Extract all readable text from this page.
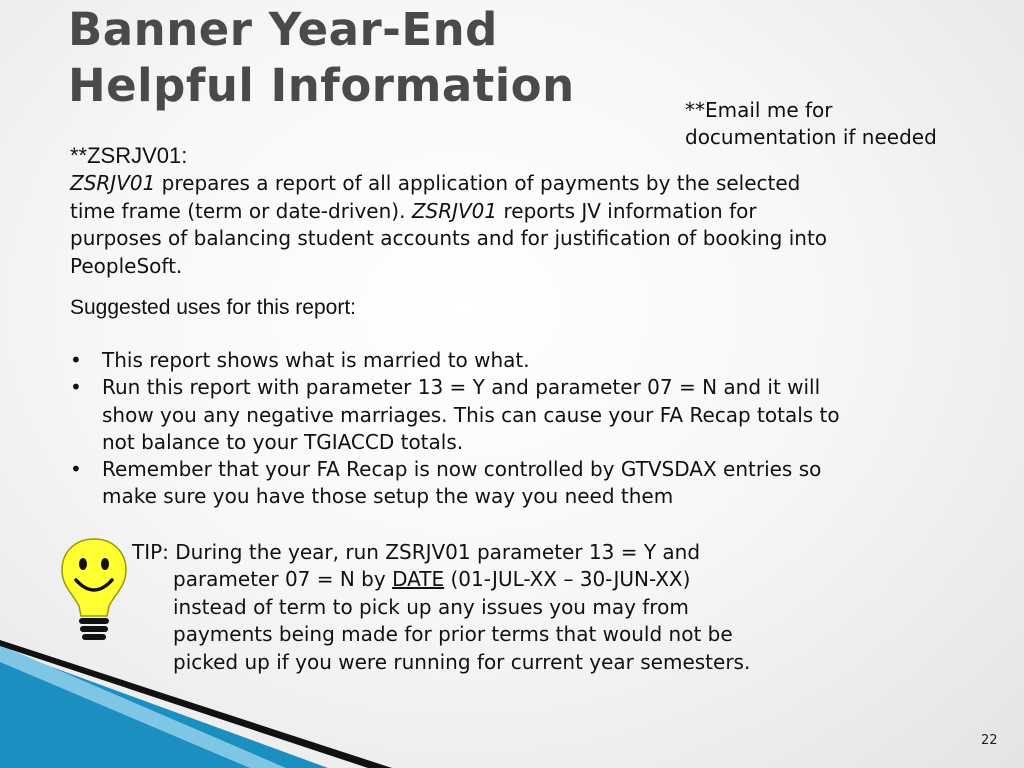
Banner Year-End
Helpful Information	**Email me for
documentation if needed
**ZSRJV01:

ZSRJV01 prepares a report of all application of payments by the selected time frame (term or date-driven). ZSRJV01 reports JV information for purposes of balancing student accounts and for justification of booking into PeopleSoft.

Suggested uses for this report:
• This report shows what is married to what.
• Run this report with parameter 13 = Y and parameter 07 = N and it will show you any negative marriages. This can cause your FA Recap totals to not balance to your TGIACCD totals.
• Remember that your FA Recap is now controlled by GTVSDAX entries so make sure you have those setup the way you need them
TIP: During the year, run ZSRJV01 parameter 13 = Y and
parameter 07 = N by DATE (01-JUL-XX – 30-JUN-XX)
instead of term to pick up any issues you may from
payments being made for prior terms that would not be
picked up if you were running for current year semesters.
22
